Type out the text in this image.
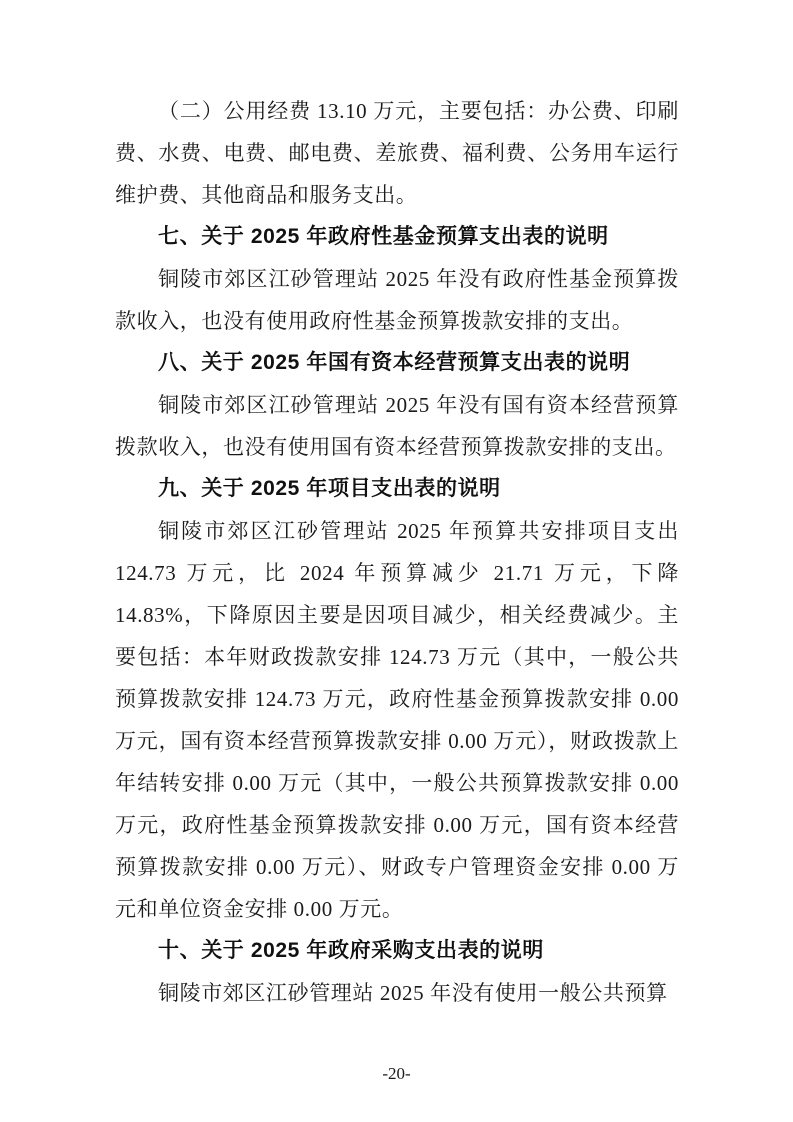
（二）公用经费 13.10 万元，主要包括：办公费、印刷费、水费、电费、邮电费、差旅费、福利费、公务用车运行维护费、其他商品和服务支出。

七、关于 2025 年政府性基金预算支出表的说明

铜陵市郊区江砂管理站 2025 年没有政府性基金预算拨款收入，也没有使用政府性基金预算拨款安排的支出。

八、关于 2025 年国有资本经营预算支出表的说明

铜陵市郊区江砂管理站 2025 年没有国有资本经营预算拨款收入，也没有使用国有资本经营预算拨款安排的支出。

九、关于 2025 年项目支出表的说明

铜陵市郊区江砂管理站 2025 年预算共安排项目支出 124.73 万元，比 2024 年预算减少 21.71 万元，下降 14.83%，下降原因主要是因项目减少，相关经费减少。主要包括：本年财政拨款安排 124.73 万元（其中，一般公共预算拨款安排 124.73 万元，政府性基金预算拨款安排 0.00 万元，国有资本经营预算拨款安排 0.00 万元），财政拨款上年结转安排 0.00 万元（其中，一般公共预算拨款安排 0.00 万元，政府性基金预算拨款安排 0.00 万元，国有资本经营预算拨款安排 0.00 万元）、财政专户管理资金安排 0.00 万元和单位资金安排 0.00 万元。

十、关于 2025 年政府采购支出表的说明

铜陵市郊区江砂管理站 2025 年没有使用一般公共预算

-20-
